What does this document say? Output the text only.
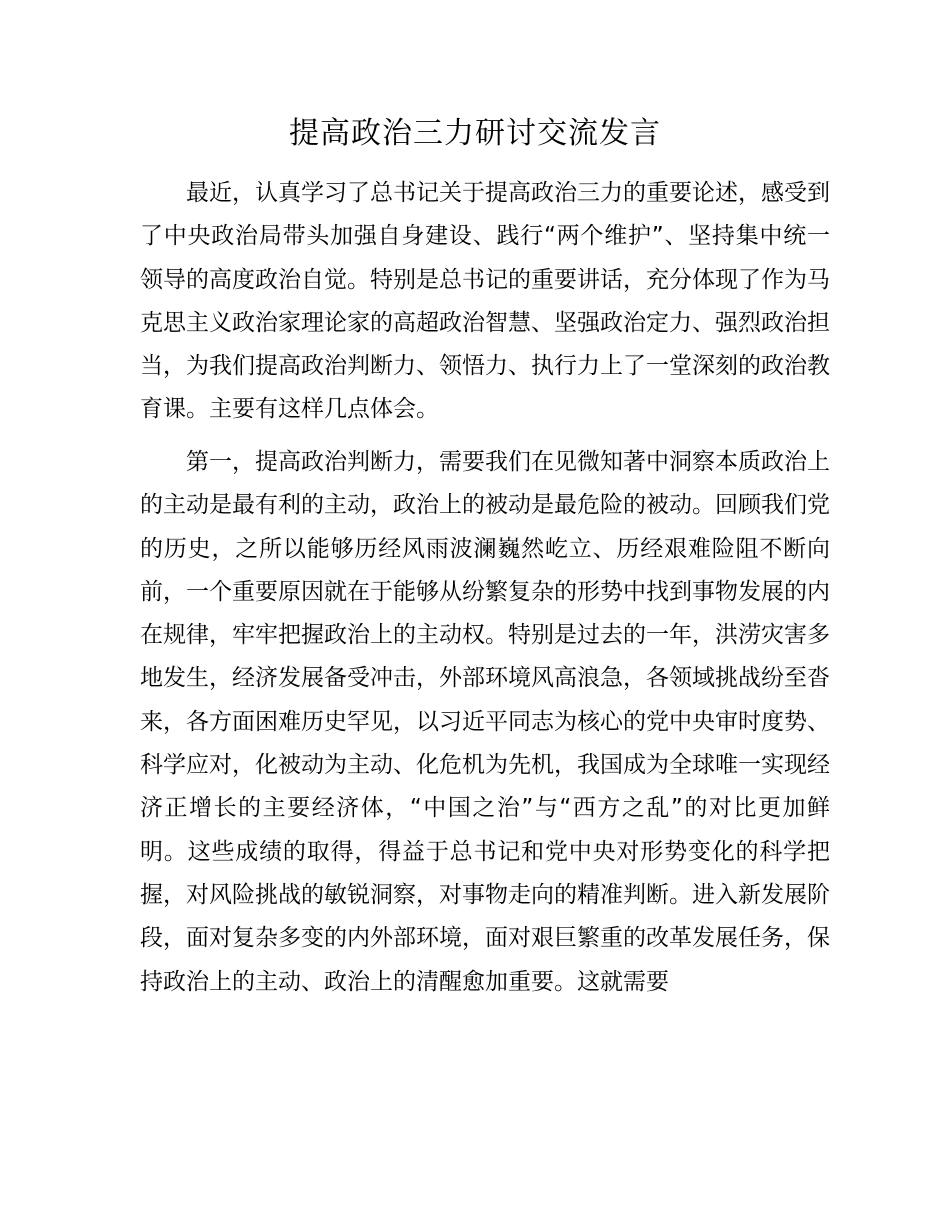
提高政治三力研讨交流发言
　　最近，认真学习了总书记关于提高政治三力的重要论述，感受到了中央政治局带头加强自身建设、践行“两个维护”、坚持集中统一领导的高度政治自觉。特别是总书记的重要讲话，充分体现了作为马克思主义政治家理论家的高超政治智慧、坚强政治定力、强烈政治担当，为我们提高政治判断力、领悟力、执行力上了一堂深刻的政治教育课。主要有这样几点体会。
　　第一，提高政治判断力，需要我们在见微知著中洞察本质政治上的主动是最有利的主动，政治上的被动是最危险的被动。回顾我们党的历史，之所以能够历经风雨波澜巍然屹立、历经艰难险阻不断向前，一个重要原因就在于能够从纷繁复杂的形势中找到事物发展的内在规律，牢牢把握政治上的主动权。特别是过去的一年，洪涝灾害多地发生，经济发展备受冲击，外部环境风高浪急，各领域挑战纷至沓来，各方面困难历史罕见，以习近平同志为核心的党中央审时度势、科学应对，化被动为主动、化危机为先机，我国成为全球唯一实现经济正增长的主要经济体，“中国之治”与“西方之乱”的对比更加鲜明。这些成绩的取得，得益于总书记和党中央对形势变化的科学把握，对风险挑战的敏锐洞察，对事物走向的精准判断。进入新发展阶段，面对复杂多变的内外部环境，面对艰巨繁重的改革发展任务，保持政治上的主动、政治上的清醒愈加重要。这就需要
